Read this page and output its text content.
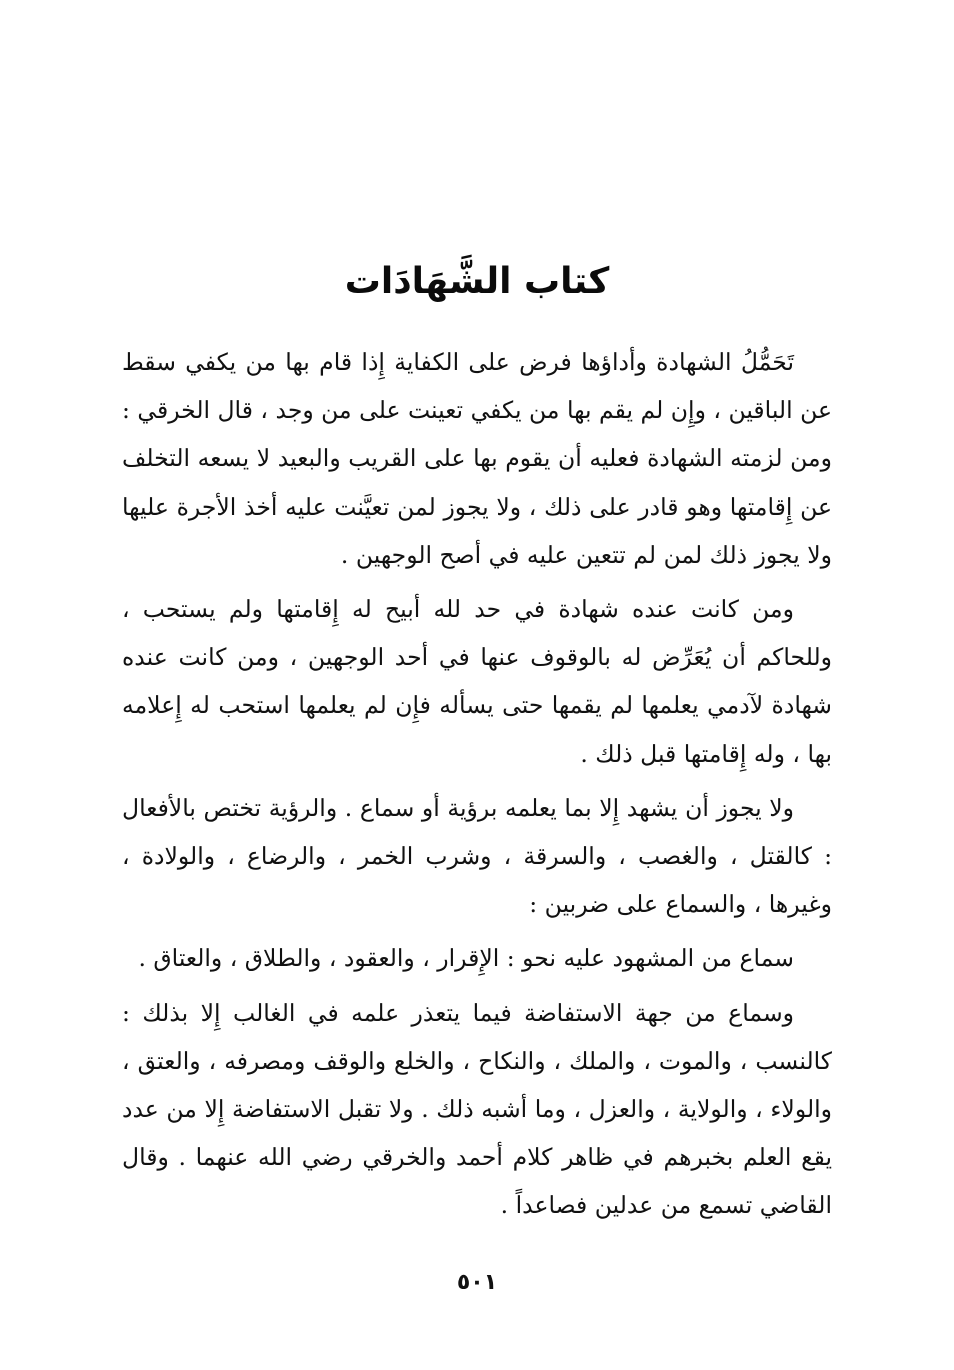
كتاب الشَّهَادَات

تَحَمُّلُ الشهادة وأداؤها فرض على الكفاية إِذا قام بها من يكفي سقط عن الباقين ، وإِن لم يقم بها من يكفي تعينت على من وجد ، قال الخرقي : ومن لزمته الشهادة فعليه أن يقوم بها على القريب والبعيد لا يسعه التخلف عن إِقامتها وهو قادر على ذلك ، ولا يجوز لمن تعيَّنت عليه أخذ الأجرة عليها ولا يجوز ذلك لمن لم تتعين عليه في أصح الوجهين .

ومن كانت عنده شهادة في حد لله أبيح له إِقامتها ولم يستحب ، وللحاكم أن يُعَرِّض له بالوقوف عنها في أحد الوجهين ، ومن كانت عنده شهادة لآدمي يعلمها لم يقمها حتى يسأله فإِن لم يعلمها استحب له إِعلامه بها ، وله إِقامتها قبل ذلك .

ولا يجوز أن يشهد إِلا بما يعلمه برؤية أو سماع . والرؤية تختص بالأفعال : كالقتل ، والغصب ، والسرقة ، وشرب الخمر ، والرضاع ، والولادة ، وغيرها ، والسماع على ضربين :

سماع من المشهود عليه نحو : الإِقرار ، والعقود ، والطلاق ، والعتاق .

وسماع من جهة الاستفاضة فيما يتعذر علمه في الغالب إِلا بذلك : كالنسب ، والموت ، والملك ، والنكاح ، والخلع والوقف ومصرفه ، والعتق ، والولاء ، والولاية ، والعزل ، وما أشبه ذلك . ولا تقبل الاستفاضة إِلا من عدد يقع العلم بخبرهم في ظاهر كلام أحمد والخرقي رضي الله عنهما . وقال القاضي تسمع من عدلين فصاعداً .

٥٠١
